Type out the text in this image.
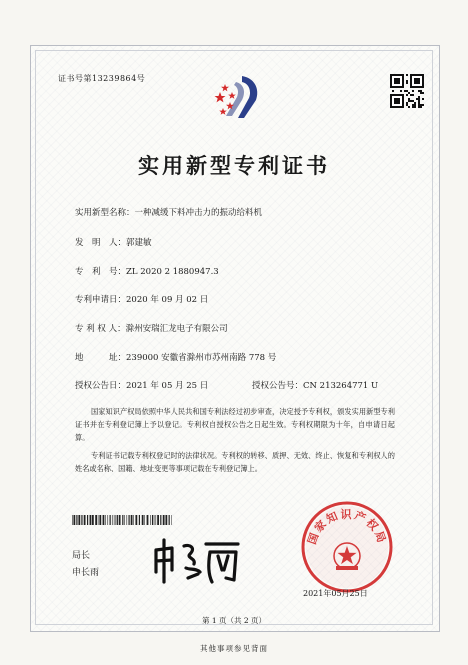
证书号第13239864号
实用新型专利证书
实用新型名称：一种减缓下料冲击力的振动给料机
发　明　人：郭建敏
专　利　号：ZL 2020 2 1880947.3
专利申请日：2020 年 09 月 02 日
专 利 权 人：滁州安瑞汇龙电子有限公司
地　　　址：239000 安徽省滁州市苏州南路 778 号
授权公告日：2021 年 05 月 25 日	授权公告号：CN 213264771 U
国家知识产权局依照中华人民共和国专利法经过初步审查，决定授予专利权，颁发实用新型专利证书并在专利登记簿上予以登记。专利权自授权公告之日起生效。专利权期限为十年，自申请日起算。
专利证书记载专利权登记时的法律状况。专利权的转移、质押、无效、终止、恢复和专利权人的姓名或名称、国籍、地址变更等事项记载在专利登记簿上。
局长
申长雨
国家知识产权局
2021年05月25日
第 1 页（共 2 页）
其他事项参见背面
